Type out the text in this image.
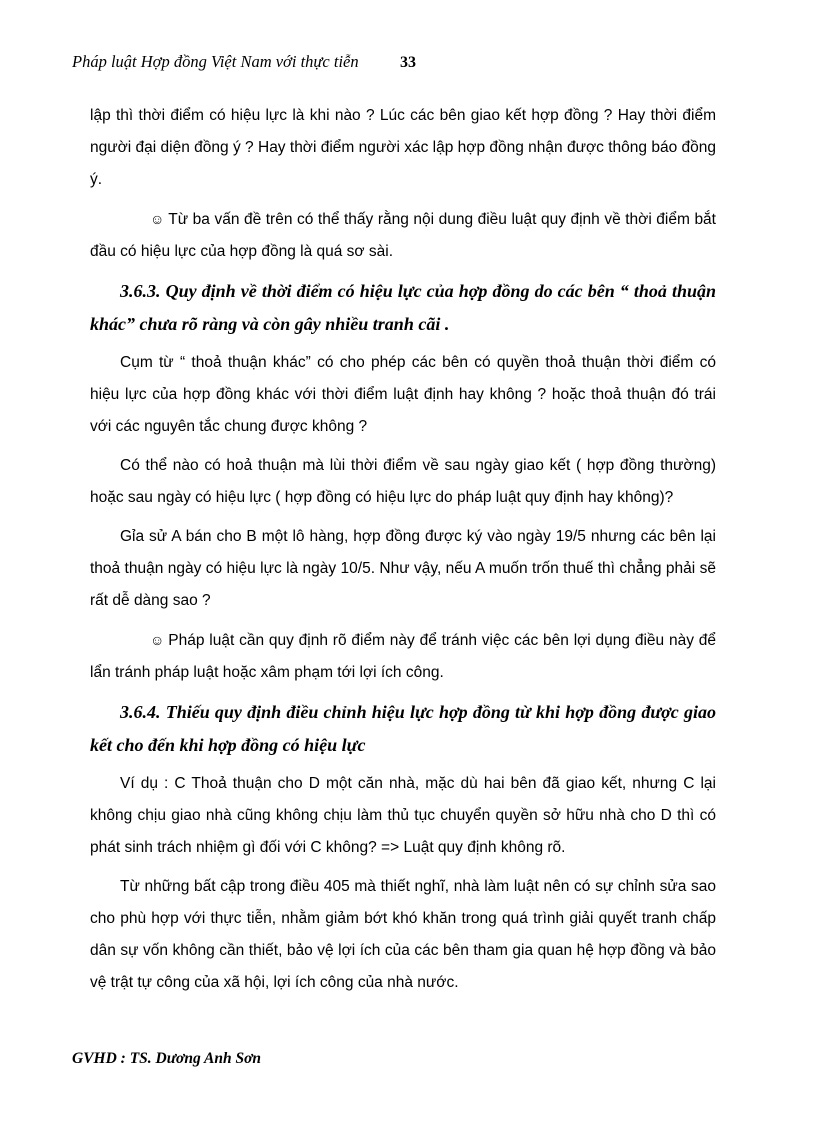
Pháp luật Hợp đồng Việt Nam với thực tiễn	33

lập thì thời điểm có hiệu lực là khi nào ? Lúc các bên giao kết hợp đồng ? Hay thời điểm người đại diện đồng ý ? Hay thời điểm người xác lập hợp đồng nhận được thông báo đồng ý.

☺ Từ ba vấn đề trên có thể thấy rằng nội dung điều luật quy định về thời điểm bắt đầu có hiệu lực của hợp đồng là quá sơ sài.

3.6.3. Quy định về thời điểm có hiệu lực của hợp đồng do các bên “ thoả thuận khác” chưa rõ ràng và còn gây nhiều tranh cãi .

Cụm từ “ thoả thuận khác” có cho phép các bên có quyền thoả thuận thời điểm có hiệu lực của hợp đồng khác với thời điểm luật định hay không ? hoặc thoả thuận đó trái với các nguyên tắc chung được không ?

Có thể nào có hoả thuận mà lùi thời điểm về sau ngày giao kết ( hợp đồng thường) hoặc sau ngày có hiệu lực ( hợp đồng có hiệu lực do pháp luật quy định hay không)?

Gỉa sử A bán cho B một lô hàng, hợp đồng được ký vào ngày 19/5 nhưng các bên lại thoả thuận ngày có hiệu lực là ngày 10/5. Như vậy, nếu A muốn trốn thuế thì chẳng phải sẽ rất dễ dàng sao ?

☺ Pháp luật cần quy định rõ điểm này để tránh việc các bên lợi dụng điều này để lẩn tránh pháp luật hoặc xâm phạm tới lợi ích công.

3.6.4. Thiếu quy định điều chỉnh hiệu lực hợp đồng từ khi hợp đồng được giao kết cho đến khi hợp đồng có hiệu lực

Ví dụ : C Thoả thuận cho D một căn nhà, mặc dù hai bên đã giao kết, nhưng C lại không chịu giao nhà cũng không chịu làm thủ tục chuyển quyền sở hữu nhà cho D thì có phát sinh trách nhiệm gì đối với C không? => Luật quy định không rõ.

Từ những bất cập trong điều 405 mà thiết nghĩ, nhà làm luật nên có sự chỉnh sửa sao cho phù hợp với thực tiễn, nhằm giảm bớt khó khăn trong quá trình giải quyết tranh chấp dân sự vốn không cần thiết, bảo vệ lợi ích của các bên tham gia quan hệ hợp đồng và bảo vệ trật tự công của xã hội, lợi ích công của nhà nước.

GVHD : TS. Dương Anh Sơn
